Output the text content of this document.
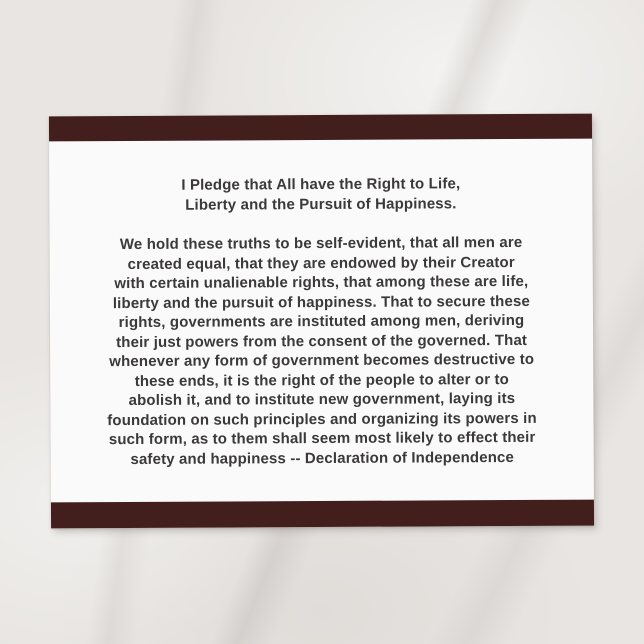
I Pledge that All have the Right to Life,
Liberty and the Pursuit of Happiness.
We hold these truths to be self-evident, that all men are
created equal, that they are endowed by their Creator
with certain unalienable rights, that among these are life,
liberty and the pursuit of happiness. That to secure these
rights, governments are instituted among men, deriving
their just powers from the consent of the governed. That
whenever any form of government becomes destructive to
these ends, it is the right of the people to alter or to
abolish it, and to institute new government, laying its
foundation on such principles and organizing its powers in
such form, as to them shall seem most likely to effect their
safety and happiness -- Declaration of Independence
